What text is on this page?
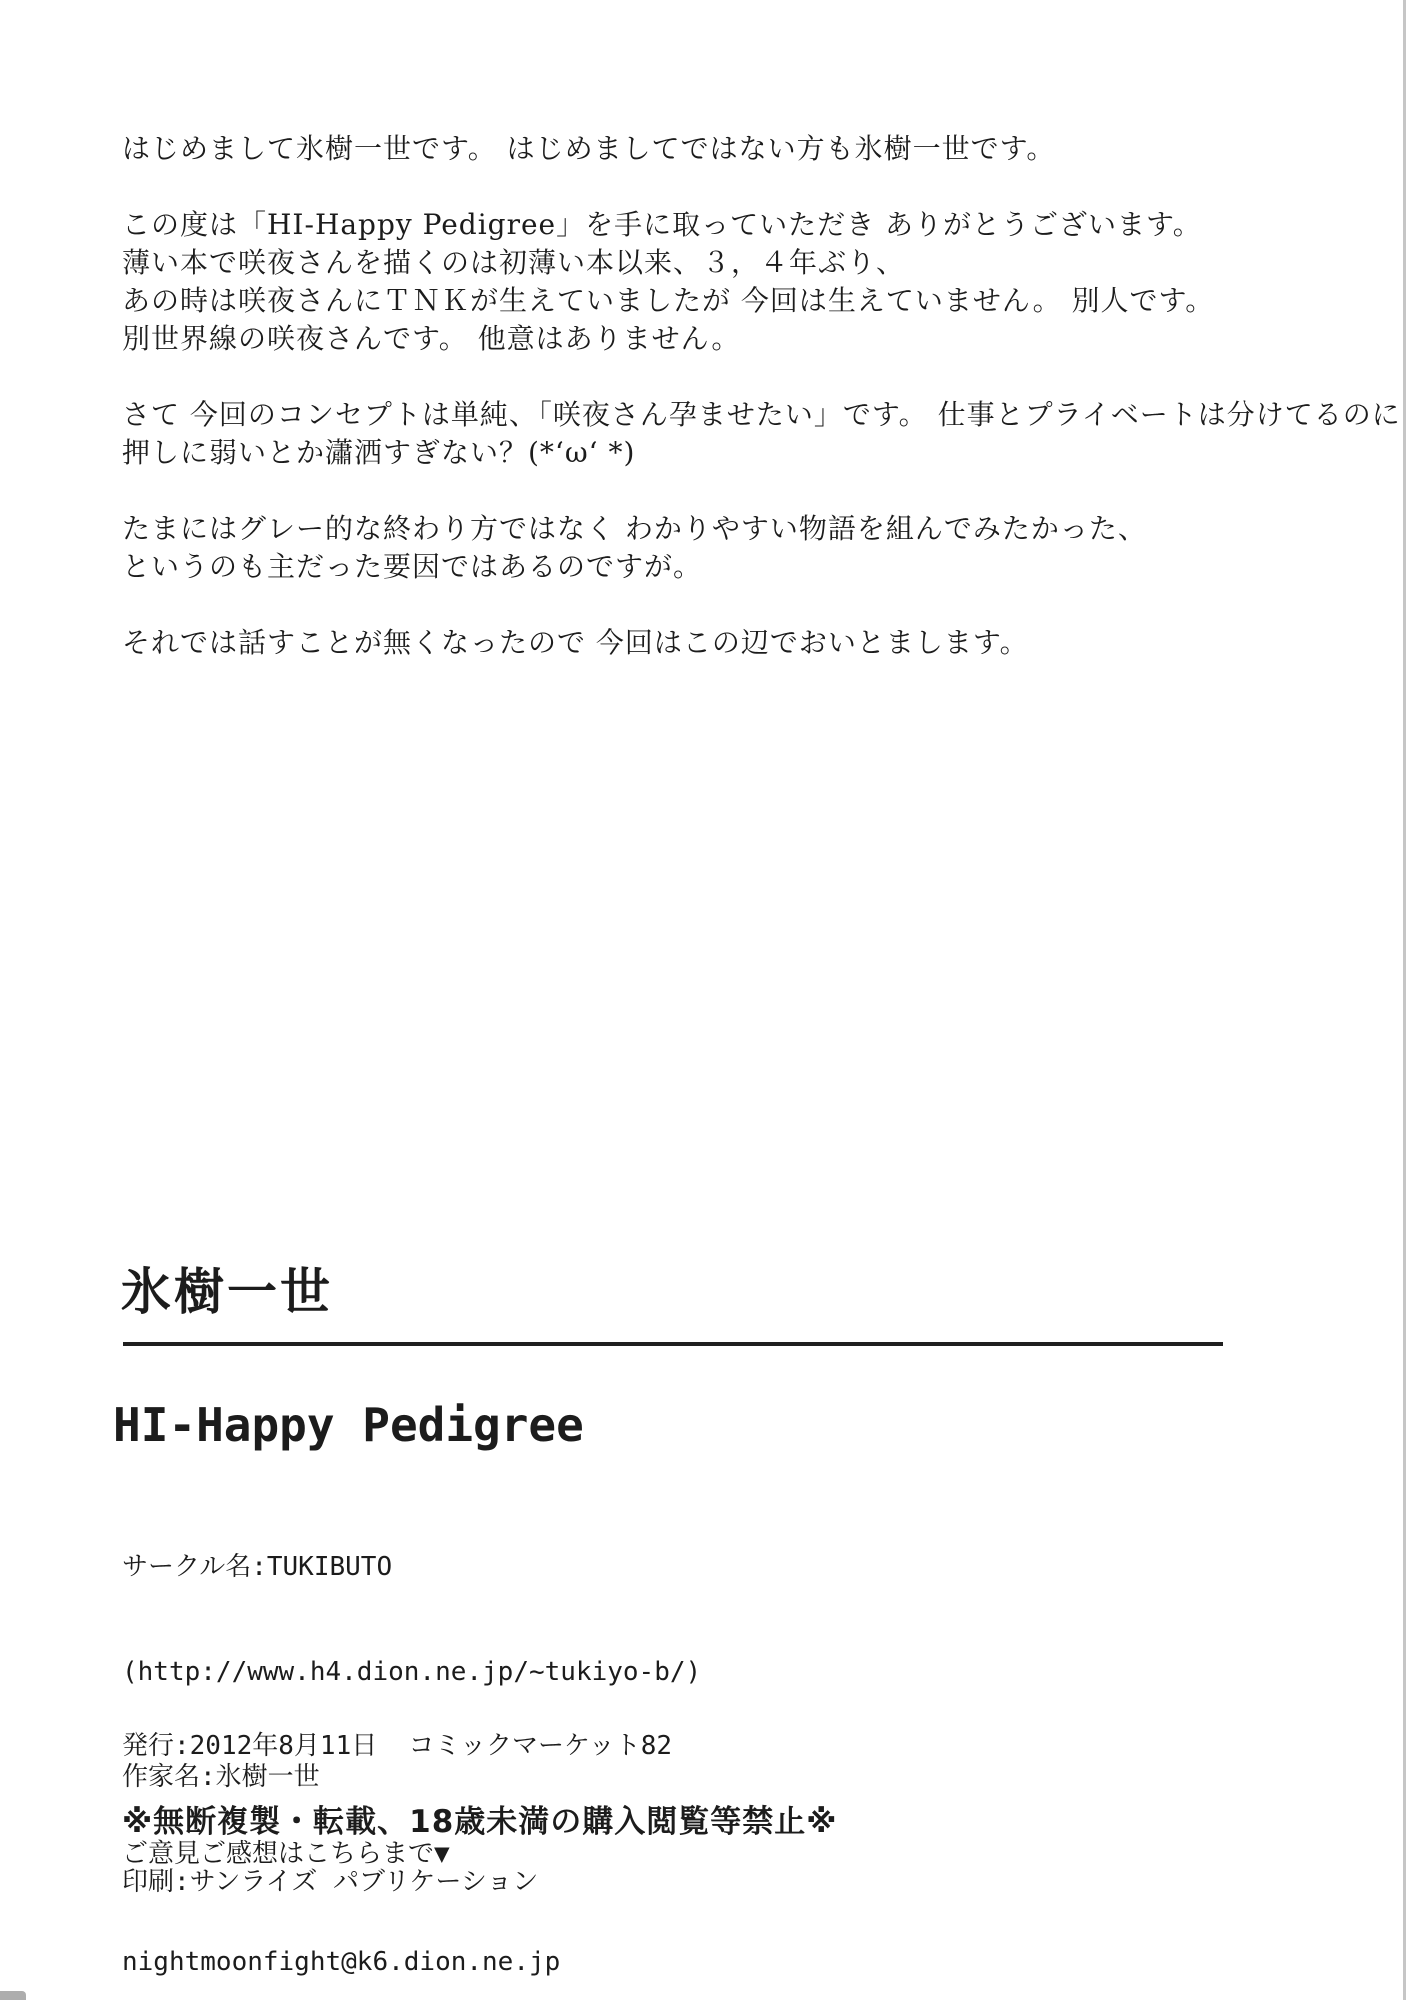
はじめまして氷樹一世です。 はじめましてではない方も氷樹一世です。

この度は「HI-Happy Pedigree」を手に取っていただき ありがとうございます。 薄い本で咲夜さんを描くのは初薄い本以来、３，４年ぶり、 あの時は咲夜さんにＴＮＫが生えていましたが 今回は生えていません。 別人です。 別世界線の咲夜さんです。 他意はありません。

さて 今回のコンセプトは単純、「咲夜さん孕ませたい」です。 仕事とプライベートは分けてるのに 押しに弱いとか瀟洒すぎない？(*‘ω‘ *)

たまにはグレー的な終わり方ではなく わかりやすい物語を組んでみたかった、 というのも主だった要因ではあるのですが。

それでは話すことが無くなったので 今回はこの辺でおいとまします。

氷樹一世
HI-Happy Pedigree

サークル名:TUKIBUTO

(http://www.h4.dion.ne.jp/~tukiyo-b/)

作家名:氷樹一世

印刷:サンライズ パブリケーション

発行:2012年8月11日  コミックマーケット82

ご意見ご感想はこちらまで▼

nightmoonfight@k6.dion.ne.jp

※無断複製・転載、18歳未満の購入閲覧等禁止※
